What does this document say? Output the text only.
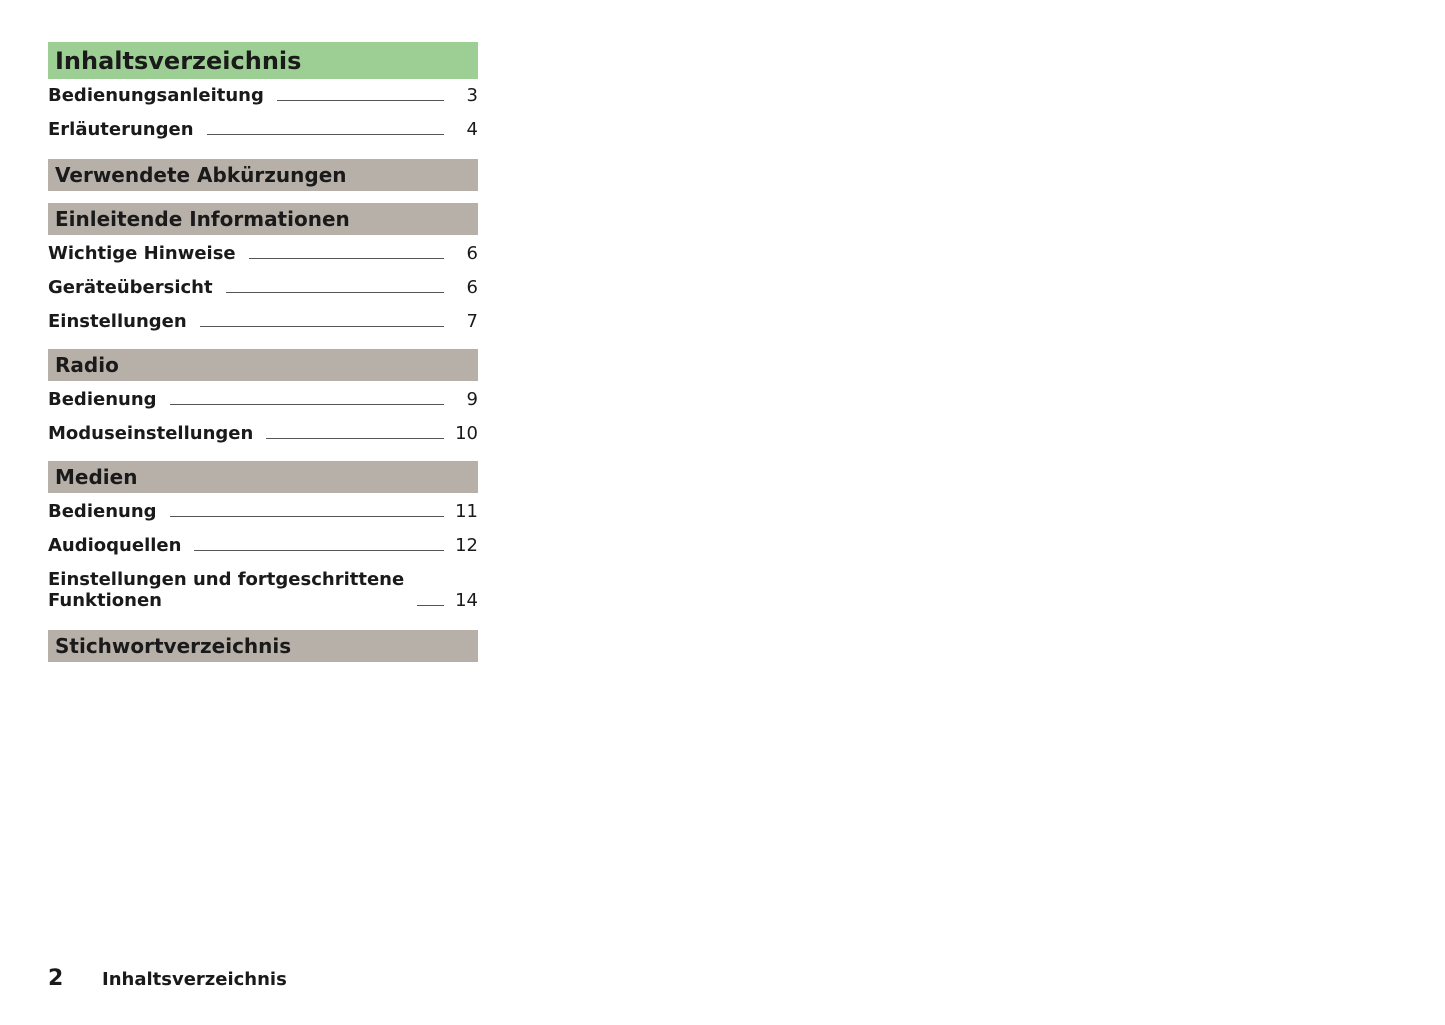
Inhaltsverzeichnis
Bedienungsanleitung	3
Erläuterungen	4
Verwendete Abkürzungen
Einleitende Informationen
Wichtige Hinweise	6
Geräteübersicht	6
Einstellungen	7
Radio
Bedienung	9
Moduseinstellungen	10
Medien
Bedienung	11
Audioquellen	12
Einstellungen und fortgeschrittene
Funktionen	14
Stichwortverzeichnis
2	Inhaltsverzeichnis
